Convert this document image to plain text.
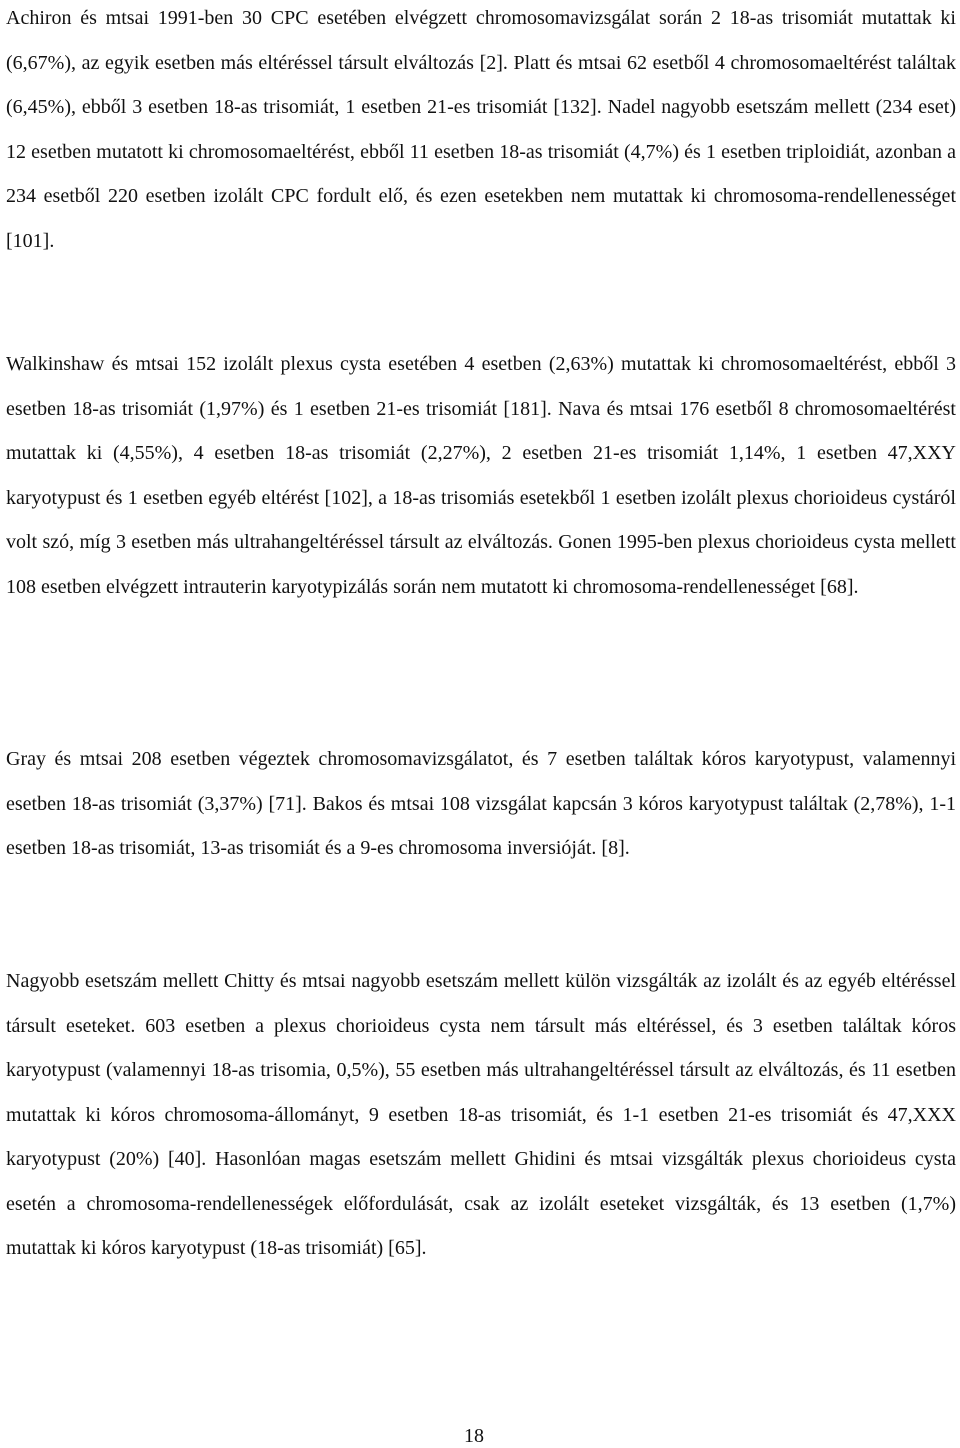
Achiron és mtsai 1991-ben 30 CPC esetében elvégzett chromosomavizsgálat során 2 18-as trisomiát mutattak ki (6,67%), az egyik esetben más eltéréssel társult elváltozás [2]. Platt és mtsai 62 esetből 4 chromosomaeltérést találtak (6,45%), ebből 3 esetben 18-as trisomiát, 1 esetben 21-es trisomiát [132]. Nadel nagyobb esetszám mellett (234 eset) 12 esetben mutatott ki chromosomaeltérést, ebből 11 esetben 18-as trisomiát (4,7%) és 1 esetben triploidiát, azonban a 234 esetből 220 esetben izolált CPC fordult elő, és ezen esetekben nem mutattak ki chromosoma-rendellenességet [101].

Walkinshaw és mtsai 152 izolált plexus cysta esetében 4 esetben (2,63%) mutattak ki chromosomaeltérést, ebből 3 esetben 18-as trisomiát (1,97%) és 1 esetben 21-es trisomiát [181]. Nava és mtsai 176 esetből 8 chromosomaeltérést mutattak ki (4,55%), 4 esetben 18-as trisomiát (2,27%), 2 esetben 21-es trisomiát 1,14%, 1 esetben 47,XXY karyotypust és 1 esetben egyéb eltérést [102], a 18-as trisomiás esetekből 1 esetben izolált plexus chorioideus cystáról volt szó, míg 3 esetben más ultrahangeltéréssel társult az elváltozás. Gonen 1995-ben plexus chorioideus cysta mellett 108 esetben elvégzett intrauterin karyotypizálás során nem mutatott ki chromosoma-rendellenességet [68].

Gray és mtsai 208 esetben végeztek chromosomavizsgálatot, és 7 esetben találtak kóros karyotypust, valamennyi esetben 18-as trisomiát (3,37%) [71]. Bakos és mtsai 108 vizsgálat kapcsán 3 kóros karyotypust találtak (2,78%), 1-1 esetben 18-as trisomiát, 13-as trisomiát és a 9-es chromosoma inversióját. [8].

Nagyobb esetszám mellett Chitty és mtsai nagyobb esetszám mellett külön vizsgálták az izolált és az egyéb eltéréssel társult eseteket. 603 esetben a plexus chorioideus cysta nem társult más eltéréssel, és 3 esetben találtak kóros karyotypust (valamennyi 18-as trisomia, 0,5%), 55 esetben más ultrahangeltéréssel társult az elváltozás, és 11 esetben mutattak ki kóros chromosoma-állományt, 9 esetben 18-as trisomiát, és 1-1 esetben 21-es trisomiát és 47,XXX karyotypust (20%) [40]. Hasonlóan magas esetszám mellett Ghidini és mtsai vizsgálták plexus chorioideus cysta esetén a chromosoma-rendellenességek előfordulását, csak az izolált eseteket vizsgálták, és 13 esetben (1,7%) mutattak ki kóros karyotypust (18-as trisomiát) [65].

18
